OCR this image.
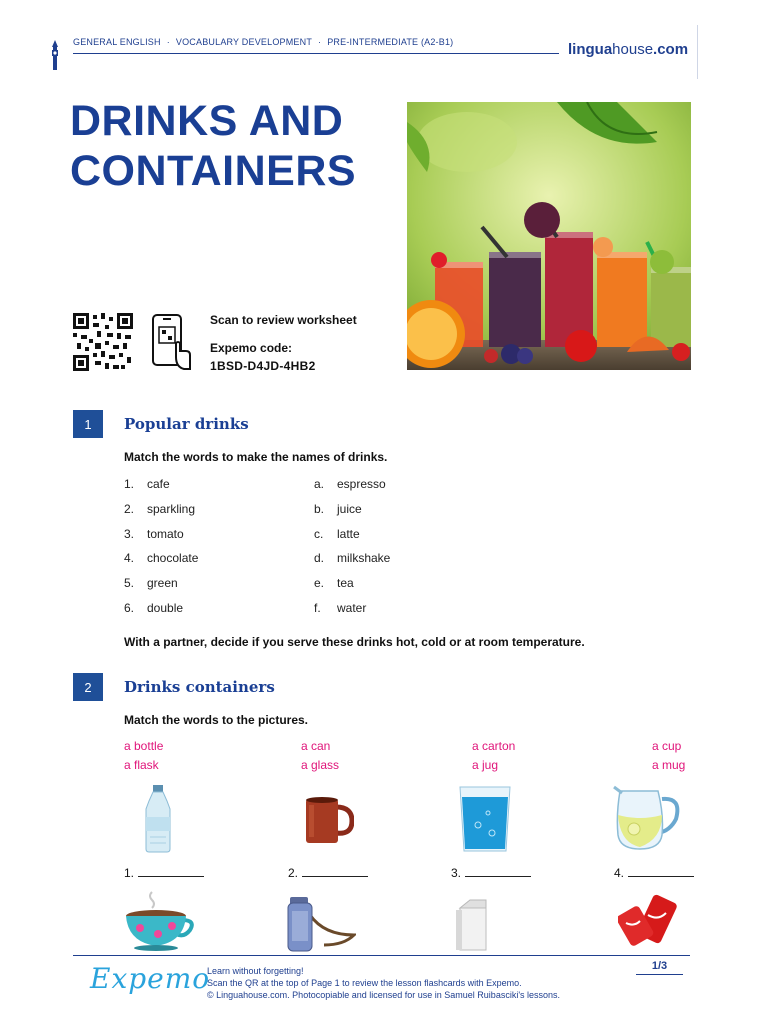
GENERAL ENGLISH · VOCABULARY DEVELOPMENT · PRE-INTERMEDIATE (A2-B1)	linguahouse.com
DRINKS AND
CONTAINERS
Scan to review worksheet
Expemo code:
1BSD-D4JD-4HB2
1	Popular drinks
Match the words to make the names of drinks.
1. cafe
2. sparkling
3. tomato
4. chocolate
5. green
6. double
a. espresso
b. juice
c. latte
d. milkshake
e. tea
f. water
With a partner, decide if you serve these drinks hot, cold or at room temperature.
2	Drinks containers
Match the words to the pictures.
a bottle	a can	a carton	a cup
a flask	a glass	a jug	a mug
1.	2.	3.	4.
Expemo
Learn without forgetting!
Scan the QR at the top of Page 1 to review the lesson flashcards with Expemo.
© Linguahouse.com. Photocopiable and licensed for use in Samuel Ruibasciki's lessons.
1/3
